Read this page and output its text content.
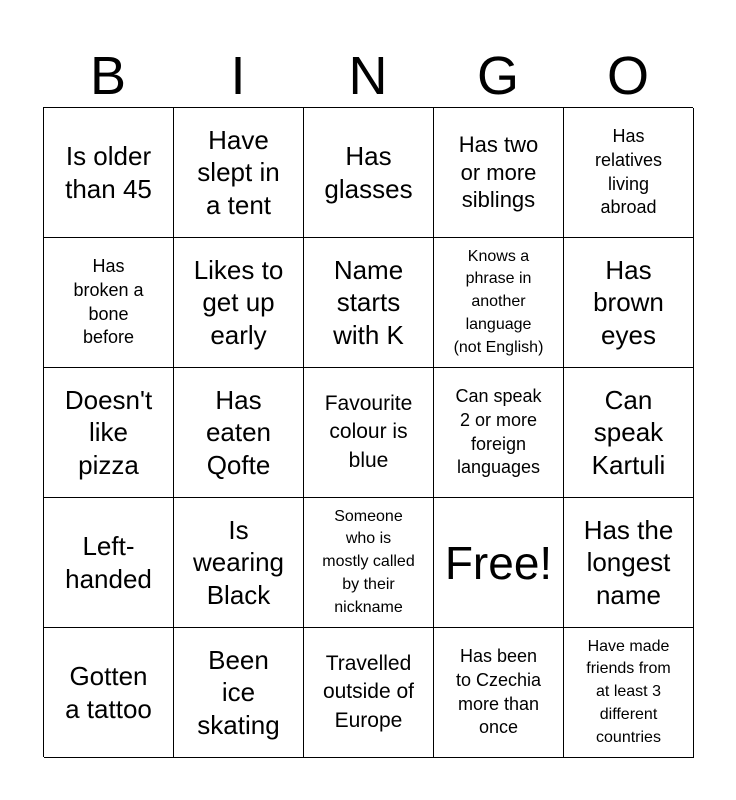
B	I	N	G	O
Is older
than 45
Have
slept in
a tent
Has
glasses
Has two
or more
siblings
Has
relatives
living
abroad
Has
broken a
bone
before
Likes to
get up
early
Name
starts
with K
Knows a
phrase in
another
language
(not English)
Has
brown
eyes
Doesn't
like
pizza
Has
eaten
Qofte
Favourite
colour is
blue
Can speak
2 or more
foreign
languages
Can
speak
Kartuli
Left-
handed
Is
wearing
Black
Someone
who is
mostly called
by their
nickname
Free!
Has the
longest
name
Gotten
a tattoo
Been
ice
skating
Travelled
outside of
Europe
Has been
to Czechia
more than
once
Have made
friends from
at least 3
different
countries
